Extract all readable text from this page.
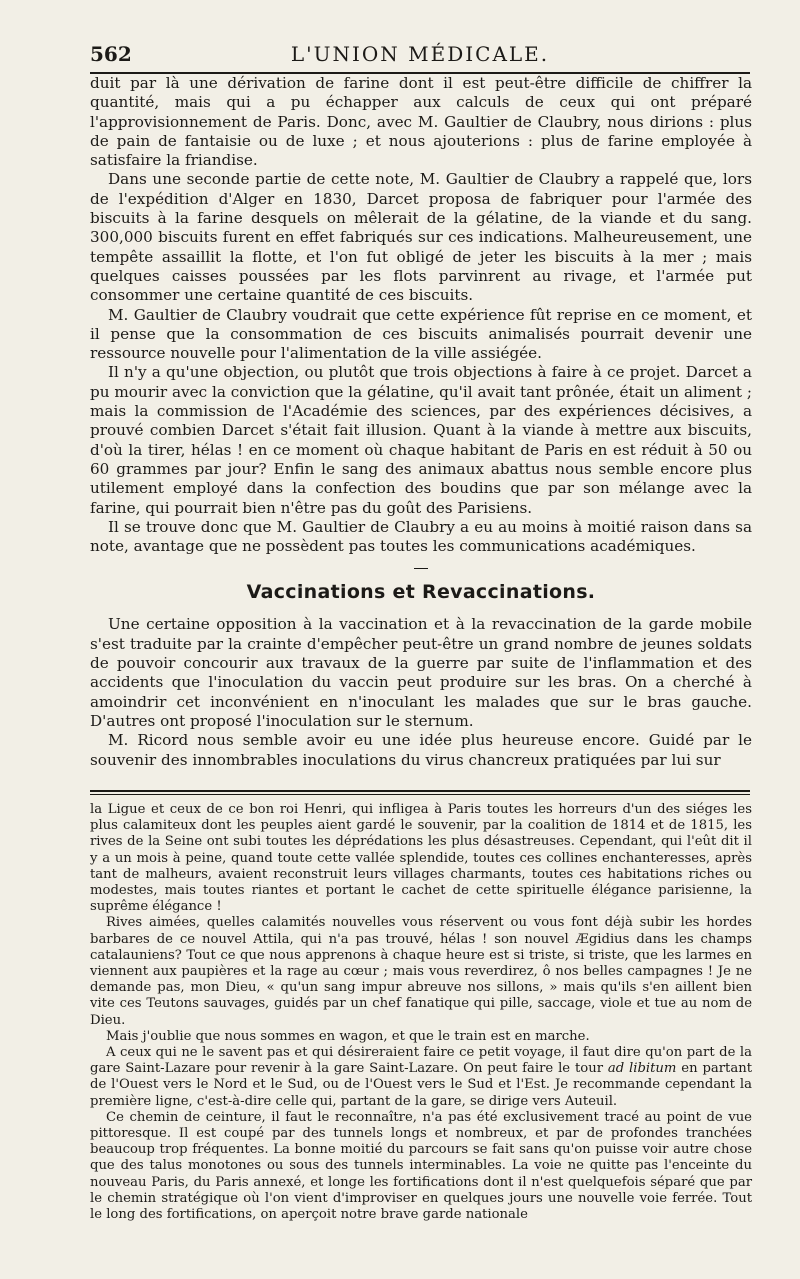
562	L'UNION MÉDICALE.

duit par là une dérivation de farine dont il est peut-être difficile de chiffrer la quantité, mais qui a pu échapper aux calculs de ceux qui ont préparé l'approvisionnement de Paris. Donc, avec M. Gaultier de Claubry, nous dirions : plus de pain de fantaisie ou de luxe ; et nous ajouterions : plus de farine employée à satisfaire la friandise.

Dans une seconde partie de cette note, M. Gaultier de Claubry a rappelé que, lors de l'expédition d'Alger en 1830, Darcet proposa de fabriquer pour l'armée des biscuits à la farine desquels on mêlerait de la gélatine, de la viande et du sang. 300,000 biscuits furent en effet fabriqués sur ces indications. Malheureusement, une tempête assaillit la flotte, et l'on fut obligé de jeter les biscuits à la mer ; mais quelques caisses poussées par les flots parvinrent au rivage, et l'armée put consommer une certaine quantité de ces biscuits.

M. Gaultier de Claubry voudrait que cette expérience fût reprise en ce moment, et il pense que la consommation de ces biscuits animalisés pourrait devenir une ressource nouvelle pour l'alimentation de la ville assiégée.

Il n'y a qu'une objection, ou plutôt que trois objections à faire à ce projet. Darcet a pu mourir avec la conviction que la gélatine, qu'il avait tant prônée, était un aliment ; mais la commission de l'Académie des sciences, par des expériences décisives, a prouvé combien Darcet s'était fait illusion. Quant à la viande à mettre aux biscuits, d'où la tirer, hélas ! en ce moment où chaque habitant de Paris en est réduit à 50 ou 60 grammes par jour? Enfin le sang des animaux abattus nous semble encore plus utilement employé dans la confection des boudins que par son mélange avec la farine, qui pourrait bien n'être pas du goût des Parisiens.

Il se trouve donc que M. Gaultier de Claubry a eu au moins à moitié raison dans sa note, avantage que ne possèdent pas toutes les communications académiques.

Vaccinations et Revaccinations.

Une certaine opposition à la vaccination et à la revaccination de la garde mobile s'est traduite par la crainte d'empêcher peut-être un grand nombre de jeunes soldats de pouvoir concourir aux travaux de la guerre par suite de l'inflammation et des accidents que l'inoculation du vaccin peut produire sur les bras. On a cherché à amoindrir cet inconvénient en n'inoculant les malades que sur le bras gauche. D'autres ont proposé l'inoculation sur le sternum.

M. Ricord nous semble avoir eu une idée plus heureuse encore. Guidé par le souvenir des innombrables inoculations du virus chancreux pratiquées par lui sur

la Ligue et ceux de ce bon roi Henri, qui infligea à Paris toutes les horreurs d'un des siéges les plus calamiteux dont les peuples aient gardé le souvenir, par la coalition de 1814 et de 1815, les rives de la Seine ont subi toutes les déprédations les plus désastreuses. Cependant, qui l'eût dit il y a un mois à peine, quand toute cette vallée splendide, toutes ces collines enchanteresses, après tant de malheurs, avaient reconstruit leurs villages charmants, toutes ces habitations riches ou modestes, mais toutes riantes et portant le cachet de cette spirituelle élégance parisienne, la suprême élégance !

Rives aimées, quelles calamités nouvelles vous réservent ou vous font déjà subir les hordes barbares de ce nouvel Attila, qui n'a pas trouvé, hélas ! son nouvel Ægidius dans les champs catalauniens? Tout ce que nous apprenons à chaque heure est si triste, si triste, que les larmes en viennent aux paupières et la rage au cœur ; mais vous reverdirez, ô nos belles campagnes ! Je ne demande pas, mon Dieu, « qu'un sang impur abreuve nos sillons, » mais qu'ils s'en aillent bien vite ces Teutons sauvages, guidés par un chef fanatique qui pille, saccage, viole et tue au nom de Dieu.

Mais j'oublie que nous sommes en wagon, et que le train est en marche.

A ceux qui ne le savent pas et qui désireraient faire ce petit voyage, il faut dire qu'on part de la gare Saint-Lazare pour revenir à la gare Saint-Lazare. On peut faire le tour ad libitum en partant de l'Ouest vers le Nord et le Sud, ou de l'Ouest vers le Sud et l'Est. Je recommande cependant la première ligne, c'est-à-dire celle qui, partant de la gare, se dirige vers Auteuil.

Ce chemin de ceinture, il faut le reconnaître, n'a pas été exclusivement tracé au point de vue pittoresque. Il est coupé par des tunnels longs et nombreux, et par de profondes tranchées beaucoup trop fréquentes. La bonne moitié du parcours se fait sans qu'on puisse voir autre chose que des talus monotones ou sous des tunnels interminables. La voie ne quitte pas l'enceinte du nouveau Paris, du Paris annexé, et longe les fortifications dont il n'est quelquefois séparé que par le chemin stratégique où l'on vient d'improviser en quelques jours une nouvelle voie ferrée. Tout le long des fortifications, on aperçoit notre brave garde nationale
